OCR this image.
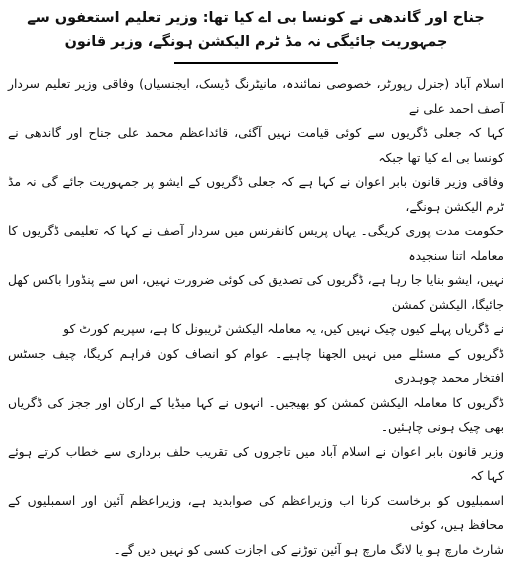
جناح اور گاندھی نے کونسا بی اے کیا تھا: وزیر تعلیم استعفوں سے جمہوریت جائیگی نہ مڈ ٹرم الیکشن ہونگے، وزیر قانون
اسلام آباد (جنرل رپورٹر، خصوصی نمائندہ، مانیٹرنگ ڈیسک، ایجنسیاں) وفاقی وزیر تعلیم سردار آصف احمد علی نے
کہا کہ جعلی ڈگریوں سے کوئی قیامت نہیں آگئی، قائداعظم محمد علی جناح اور گاندھی نے کونسا بی اے کیا تھا جبکہ
وفاقی وزیر قانون بابر اعوان نے کہا ہے کہ جعلی ڈگریوں کے ایشو پر جمہوریت جائے گی نہ مڈ ٹرم الیکشن ہونگے،
حکومت مدت پوری کریگی۔ یہاں پریس کانفرنس میں سردار آصف نے کہا کہ تعلیمی ڈگریوں کا معاملہ اتنا سنجیدہ
نہیں، ایشو بنایا جا رہا ہے، ڈگریوں کی تصدیق کی کوئی ضرورت نہیں، اس سے پنڈورا باکس کھل جائیگا، الیکشن کمشن
نے ڈگریاں پہلے کیوں چیک نہیں کیں، یہ معاملہ الیکشن ٹریبونل کا ہے، سپریم کورٹ کو
ڈگریوں کے مسئلے میں نہیں الجھنا چاہیے۔ عوام کو انصاف کون فراہم کریگا، چیف جسٹس افتخار محمد چوہدری
ڈگریوں کا معاملہ الیکشن کمشن کو بھیجیں۔ انہوں نے کہا میڈیا کے ارکان اور ججز کی ڈگریاں بھی چیک ہونی چاہئیں۔
وزیر قانون بابر اعوان نے اسلام آباد میں تاجروں کی تقریب حلف برداری سے خطاب کرتے ہوئے کہا کہ
اسمبلیوں کو برخاست کرنا اب وزیراعظم کی صوابدید ہے، وزیراعظم آئین اور اسمبلیوں کے محافظ ہیں، کوئی
شارٹ مارچ ہو یا لانگ مارچ ہو آئین توڑنے کی اجازت کسی کو نہیں دیں گے۔
